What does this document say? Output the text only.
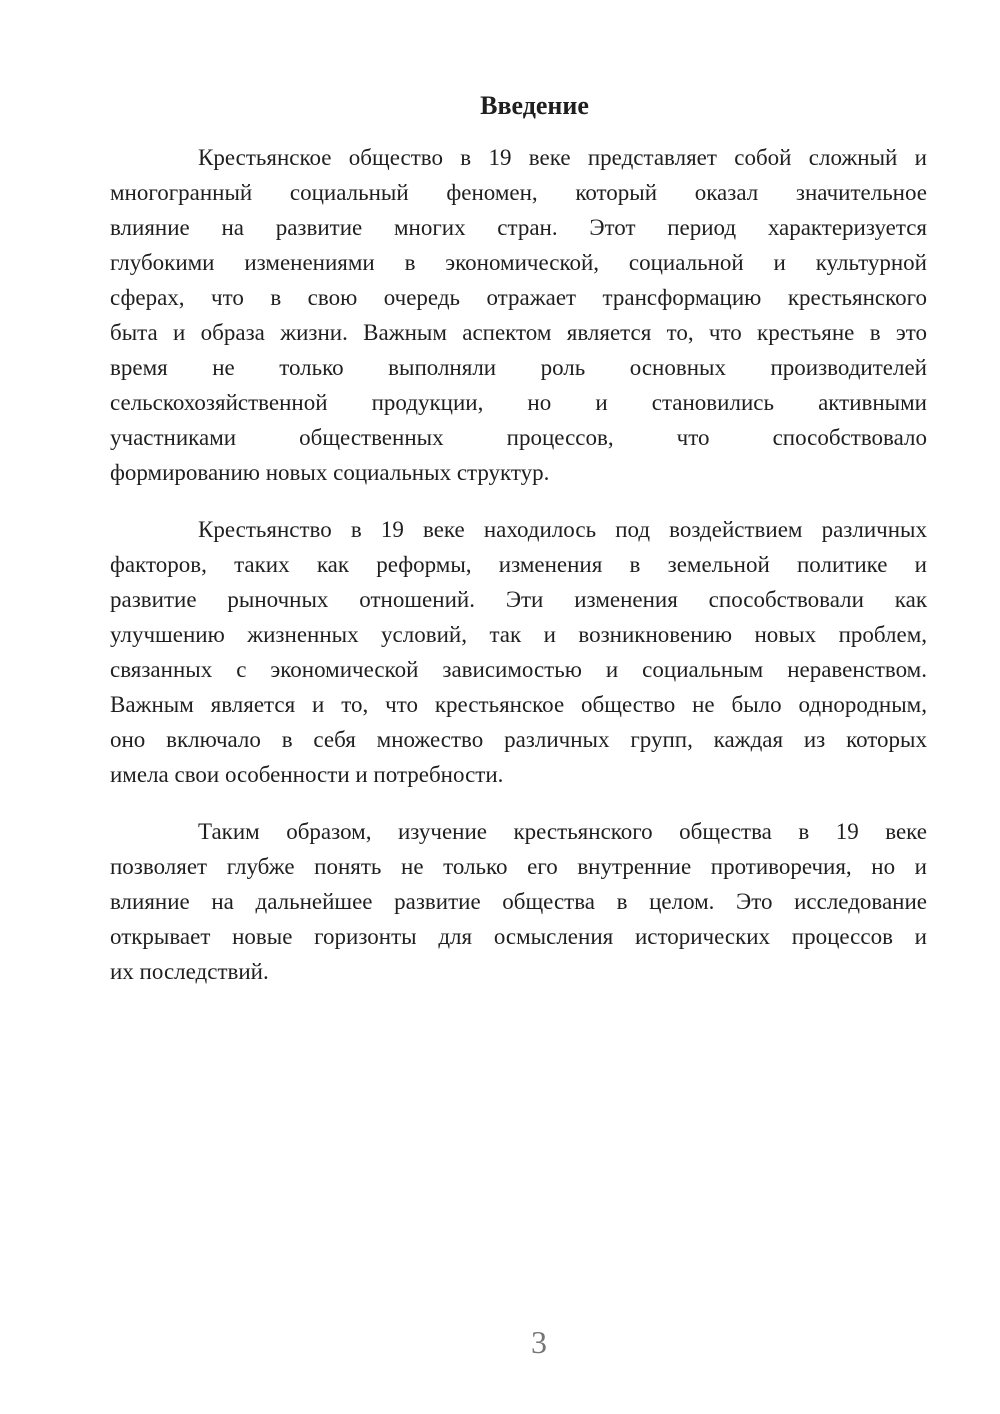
Введение
Крестьянское общество в 19 веке представляет собой сложный и
многогранный социальный феномен, который оказал значительное
влияние на развитие многих стран. Этот период характеризуется
глубокими изменениями в экономической, социальной и культурной
сферах, что в свою очередь отражает трансформацию крестьянского
быта и образа жизни. Важным аспектом является то, что крестьяне в это
время не только выполняли роль основных производителей
сельскохозяйственной продукции, но и становились активными
участниками общественных процессов, что способствовало
формированию новых социальных структур.
Крестьянство в 19 веке находилось под воздействием различных
факторов, таких как реформы, изменения в земельной политике и
развитие рыночных отношений. Эти изменения способствовали как
улучшению жизненных условий, так и возникновению новых проблем,
связанных с экономической зависимостью и социальным неравенством.
Важным является и то, что крестьянское общество не было однородным,
оно включало в себя множество различных групп, каждая из которых
имела свои особенности и потребности.
Таким образом, изучение крестьянского общества в 19 веке
позволяет глубже понять не только его внутренние противоречия, но и
влияние на дальнейшее развитие общества в целом. Это исследование
открывает новые горизонты для осмысления исторических процессов и
их последствий.
3
